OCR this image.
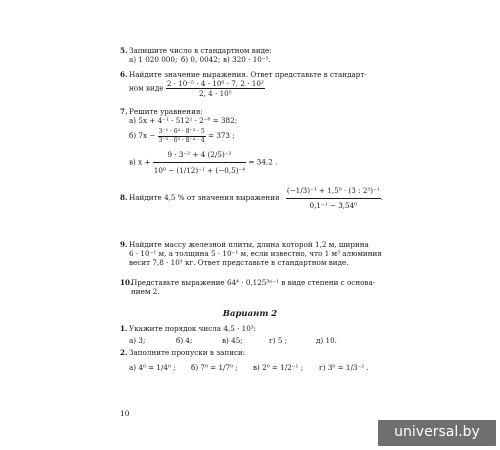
5.Запишите число в стандартном виде:
а) 1 020 000; б) 0, 0042; в) 320 · 10⁻⁵.
6.Найдите значение выражения. Ответ представьте в стандарт-
ном виде $\frac{\text{2 · 10⁻⁵ · 4 · 10⁶ · 7, 2 · 10²}}{\text{2, 4 · 10⁵}}$
7.Решите уравнения:
а) 5x + 4⁻¹ · 512² · 2⁻⁸ = 382;
б) $7x - \frac{\text{3⁻² · 6⁴ · 8⁻³ · 5}}{\text{3⁻³ · 6⁵ · 8⁻⁴ · 4}} = 373$ ;
в) $x + \frac{\text{9 · 3⁻² + 4 (2/5)⁻²}}{\text{10⁰ − (1/12)⁻¹ + (−0,5)⁻⁴}} = 34,2$ .
8.Найдите 4,5 % от значения выражения $\frac{\text{(−1/3)⁻¹ + 1,5⁰ · (3 : 2³)⁻¹}}{\text{0,1⁻¹ − 3,54⁰}}$ .
9.Найдите массу железной плиты, длина которой 1,2 м, ширина
6 · 10⁻¹ м, а толщина 5 · 10⁻¹ м, если известно, что 1 м³ алюминия
весит 7,8 · 10³ кг. Ответ представьте в стандартном виде.
10.Представьте выражение 64⁴ · 0,125³ⁿ⁻¹ в виде степени с основа-
нием 2.
Вариант 2
1.Укажите порядок числа 4,5 · 10³:
а) 3;	б) 4;	в) 45;	г) 5 ;	д) 10.
2.Заполните пропуски в записи:
а) 4⁰ = 1/4⁰ ; б) 7⁰ = 1/7⁰ ; в) 2⁰ = 1/2⁻¹ ; г) 3⁰ = 1/3⁻² .
10
universal.by
